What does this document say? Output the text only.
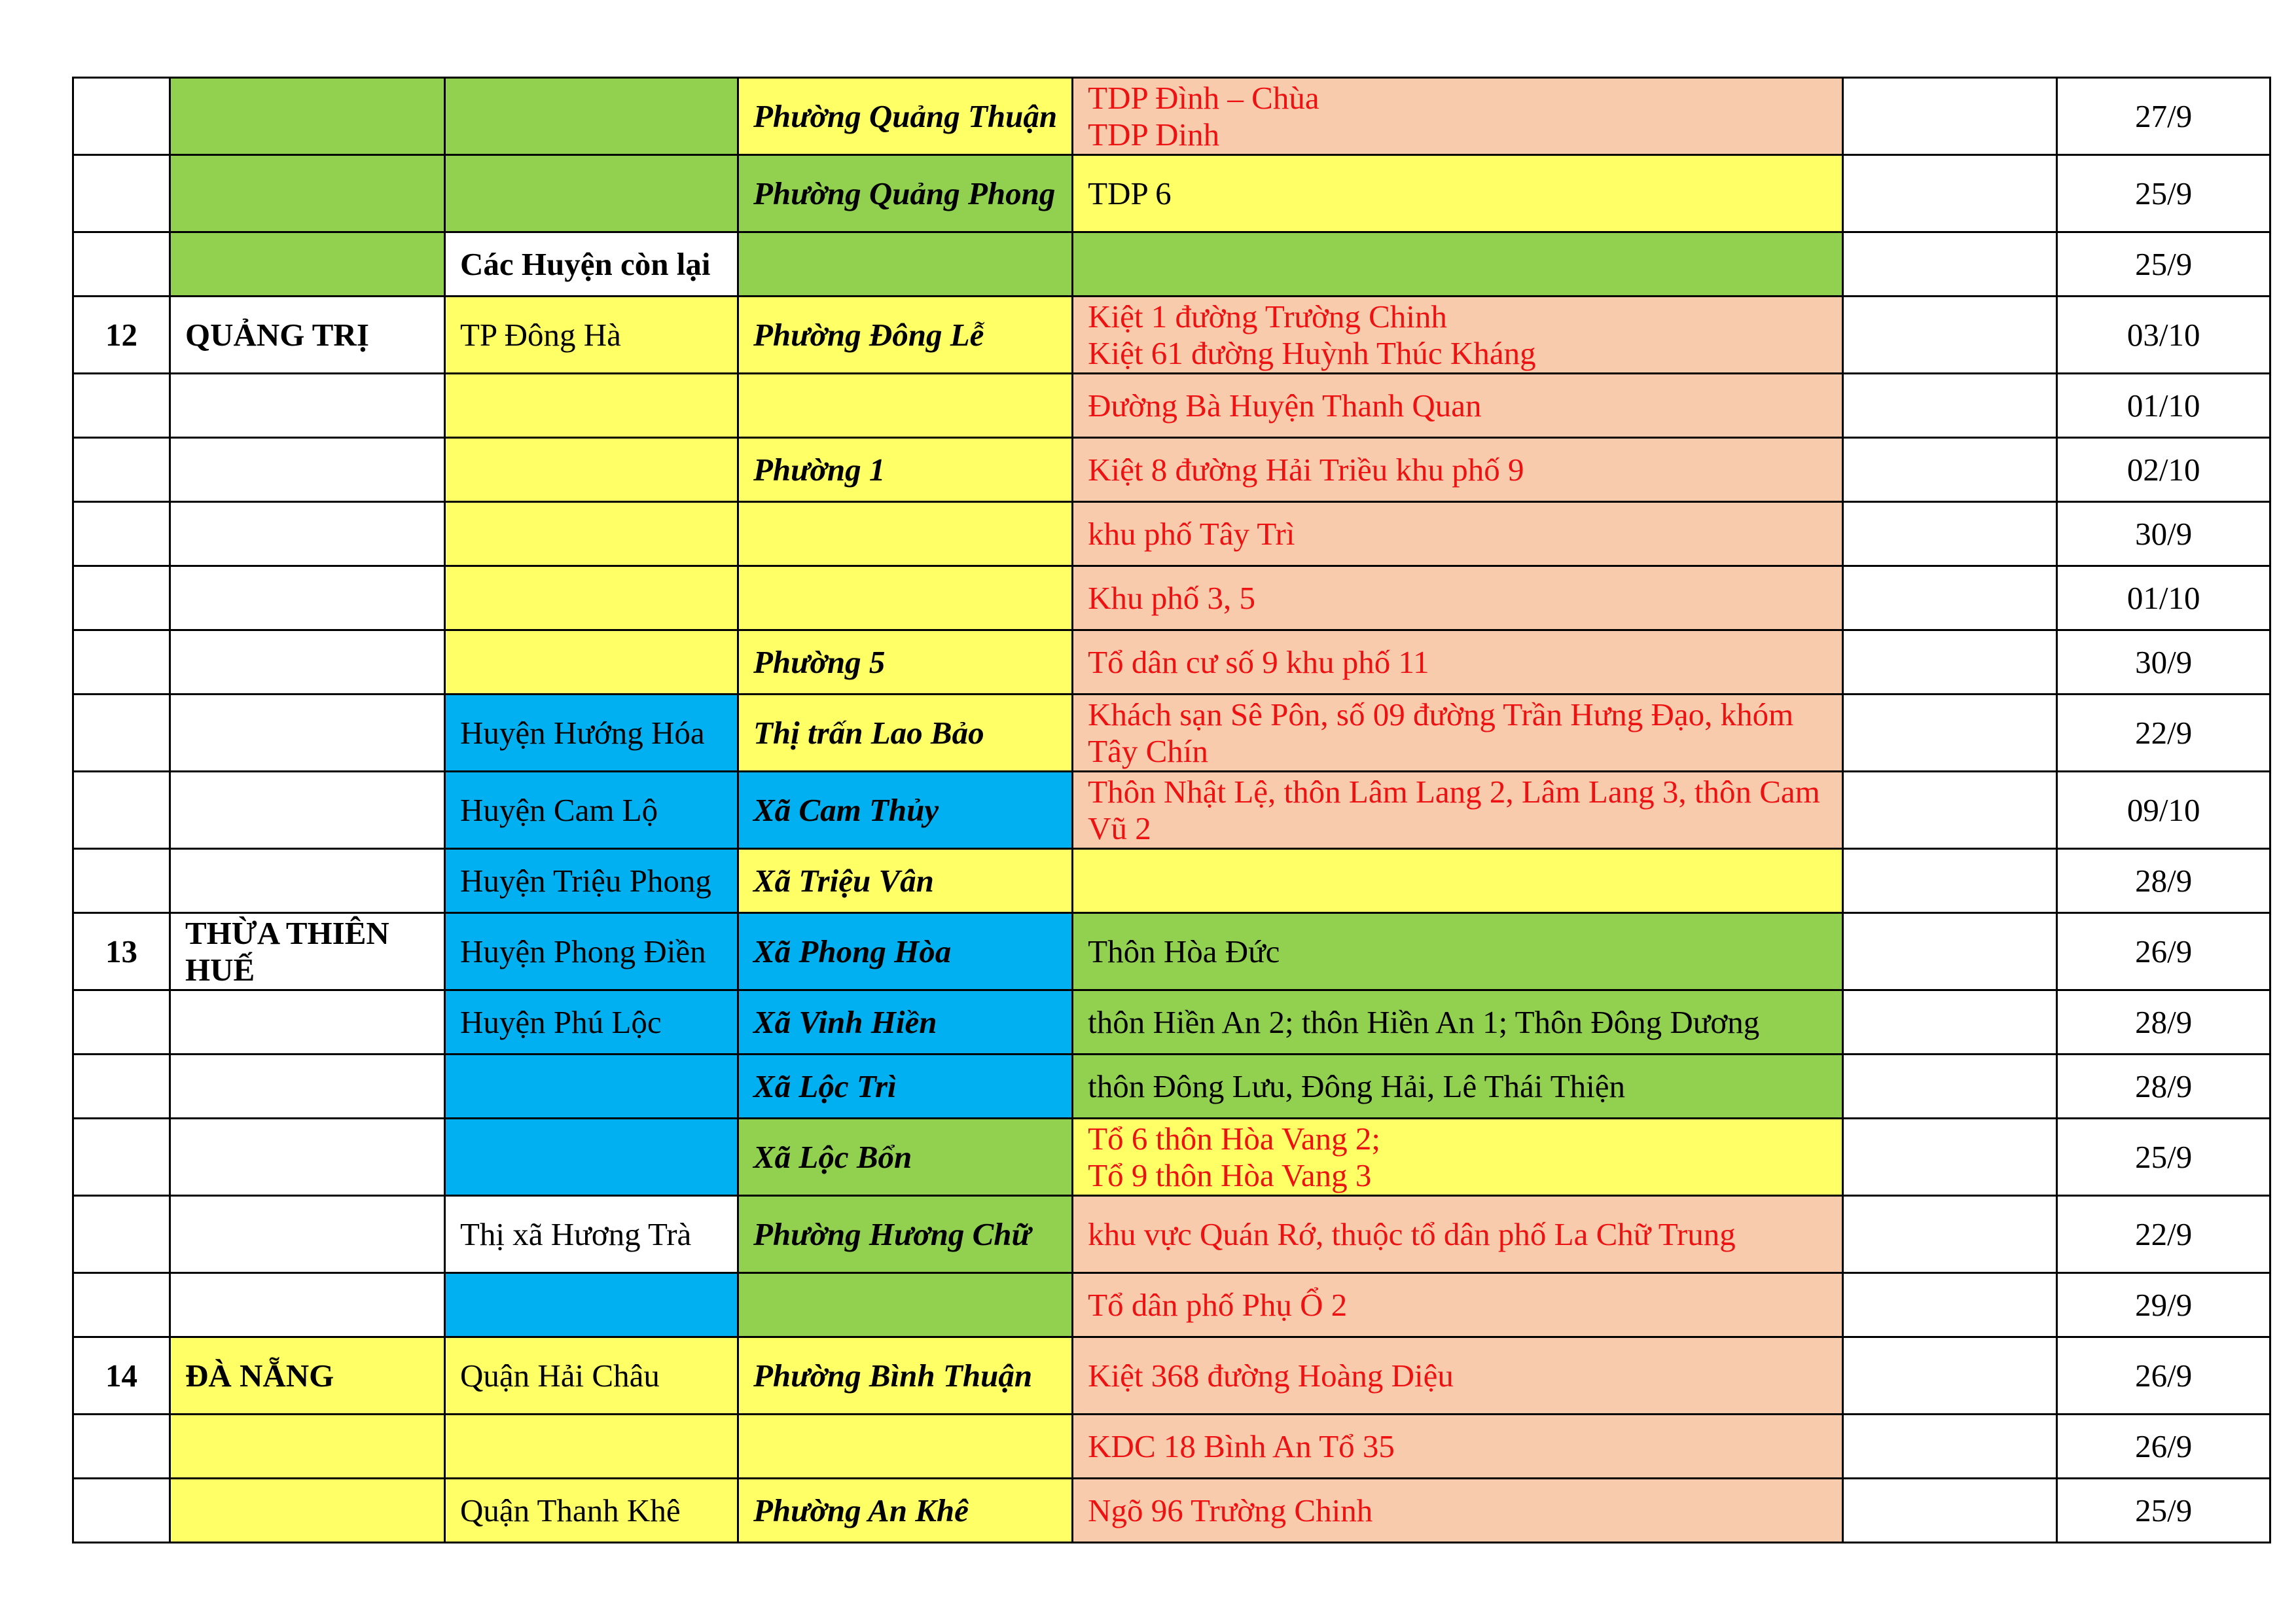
			Phường Quảng Thuận	TDP Đình – Chùa
TDP Dinh		27/9
			Phường Quảng Phong	TDP 6		25/9
		Các Huyện còn lại				25/9
12	QUẢNG TRỊ	TP Đông Hà	Phường Đông Lễ	Kiệt 1 đường Trường Chinh
Kiệt 61 đường Huỳnh Thúc Kháng		03/10

				Đường Bà Huyện Thanh Quan		01/10
			Phường 1	Kiệt 8 đường Hải Triều khu phố 9		02/10

				khu phố Tây Trì		30/9

				Khu phố 3, 5		01/10
			Phường 5	Tổ dân cư số 9 khu phố 11		30/9
		Huyện Hướng Hóa	Thị trấn Lao Bảo	Khách sạn Sê Pôn, số 09 đường Trần Hưng Đạo, khóm Tây Chín		22/9
		Huyện Cam Lộ	Xã Cam Thủy	Thôn Nhật Lệ, thôn Lâm Lang 2, Lâm Lang 3, thôn Cam Vũ 2		09/10
		Huyện Triệu Phong	Xã Triệu Vân			28/9
13	THỪA THIÊN HUẾ	Huyện Phong Điền	Xã Phong Hòa	Thôn Hòa Đức		26/9
		Huyện Phú Lộc	Xã Vinh Hiền	thôn Hiền An 2; thôn Hiền An 1; Thôn Đông Dương		28/9
			Xã Lộc Trì	thôn Đông Lưu, Đông Hải, Lê Thái Thiện		28/9
			Xã Lộc Bổn	Tổ 6 thôn Hòa Vang 2;
Tổ 9 thôn Hòa Vang 3		25/9
		Thị xã Hương Trà	Phường Hương Chữ	khu vực Quán Rớ, thuộc tổ dân phố La Chữ Trung		22/9

				Tổ dân phố Phụ Ổ 2		29/9
14	ĐÀ NẴNG	Quận Hải Châu	Phường Bình Thuận	Kiệt 368 đường Hoàng Diệu		26/9

				KDC 18 Bình An Tổ 35		26/9
		Quận Thanh Khê	Phường An Khê	Ngõ 96 Trường Chinh		25/9
